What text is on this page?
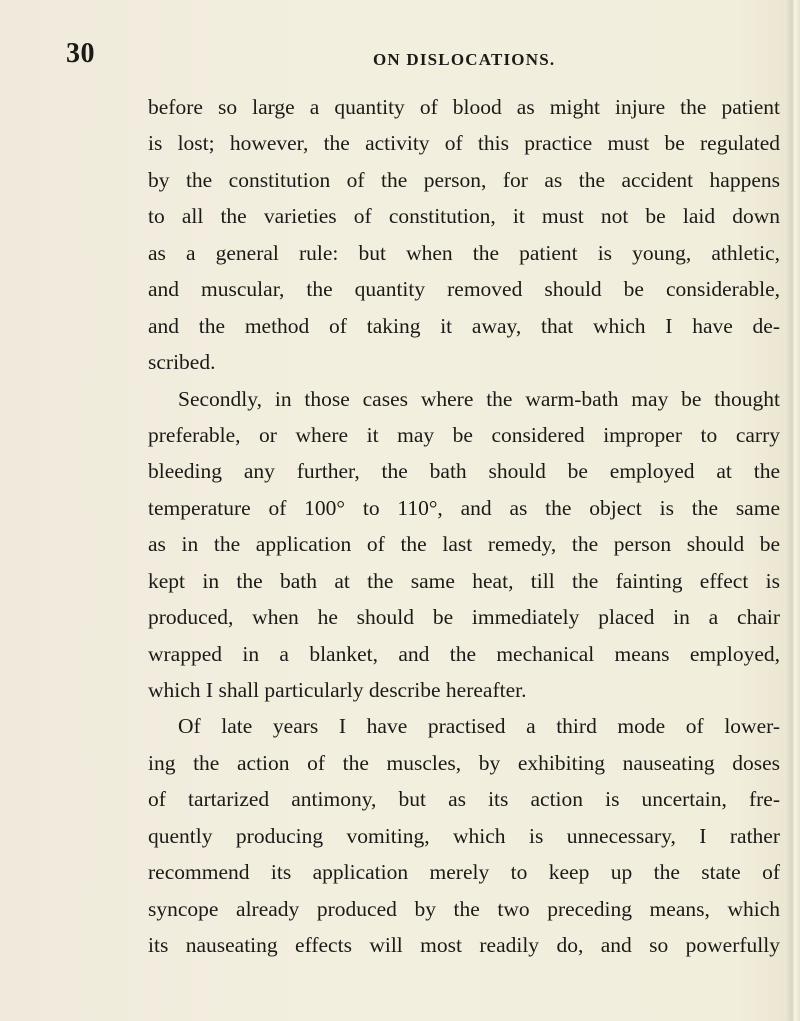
30	ON DISLOCATIONS.
before so large a quantity of blood as might injure the patient
is lost; however, the activity of this practice must be regulated
by the constitution of the person, for as the accident happens
to all the varieties of constitution, it must not be laid down
as a general rule: but when the patient is young, athletic,
and muscular, the quantity removed should be considerable,
and the method of taking it away, that which I have de-
scribed.
Secondly, in those cases where the warm-bath may be thought
preferable, or where it may be considered improper to carry
bleeding any further, the bath should be employed at the
temperature of 100° to 110°, and as the object is the same
as in the application of the last remedy, the person should be
kept in the bath at the same heat, till the fainting effect is
produced, when he should be immediately placed in a chair
wrapped in a blanket, and the mechanical means employed,
which I shall particularly describe hereafter.
Of late years I have practised a third mode of lower-
ing the action of the muscles, by exhibiting nauseating doses
of tartarized antimony, but as its action is uncertain, fre-
quently producing vomiting, which is unnecessary, I rather
recommend its application merely to keep up the state of
syncope already produced by the two preceding means, which
its nauseating effects will most readily do, and so powerfully
